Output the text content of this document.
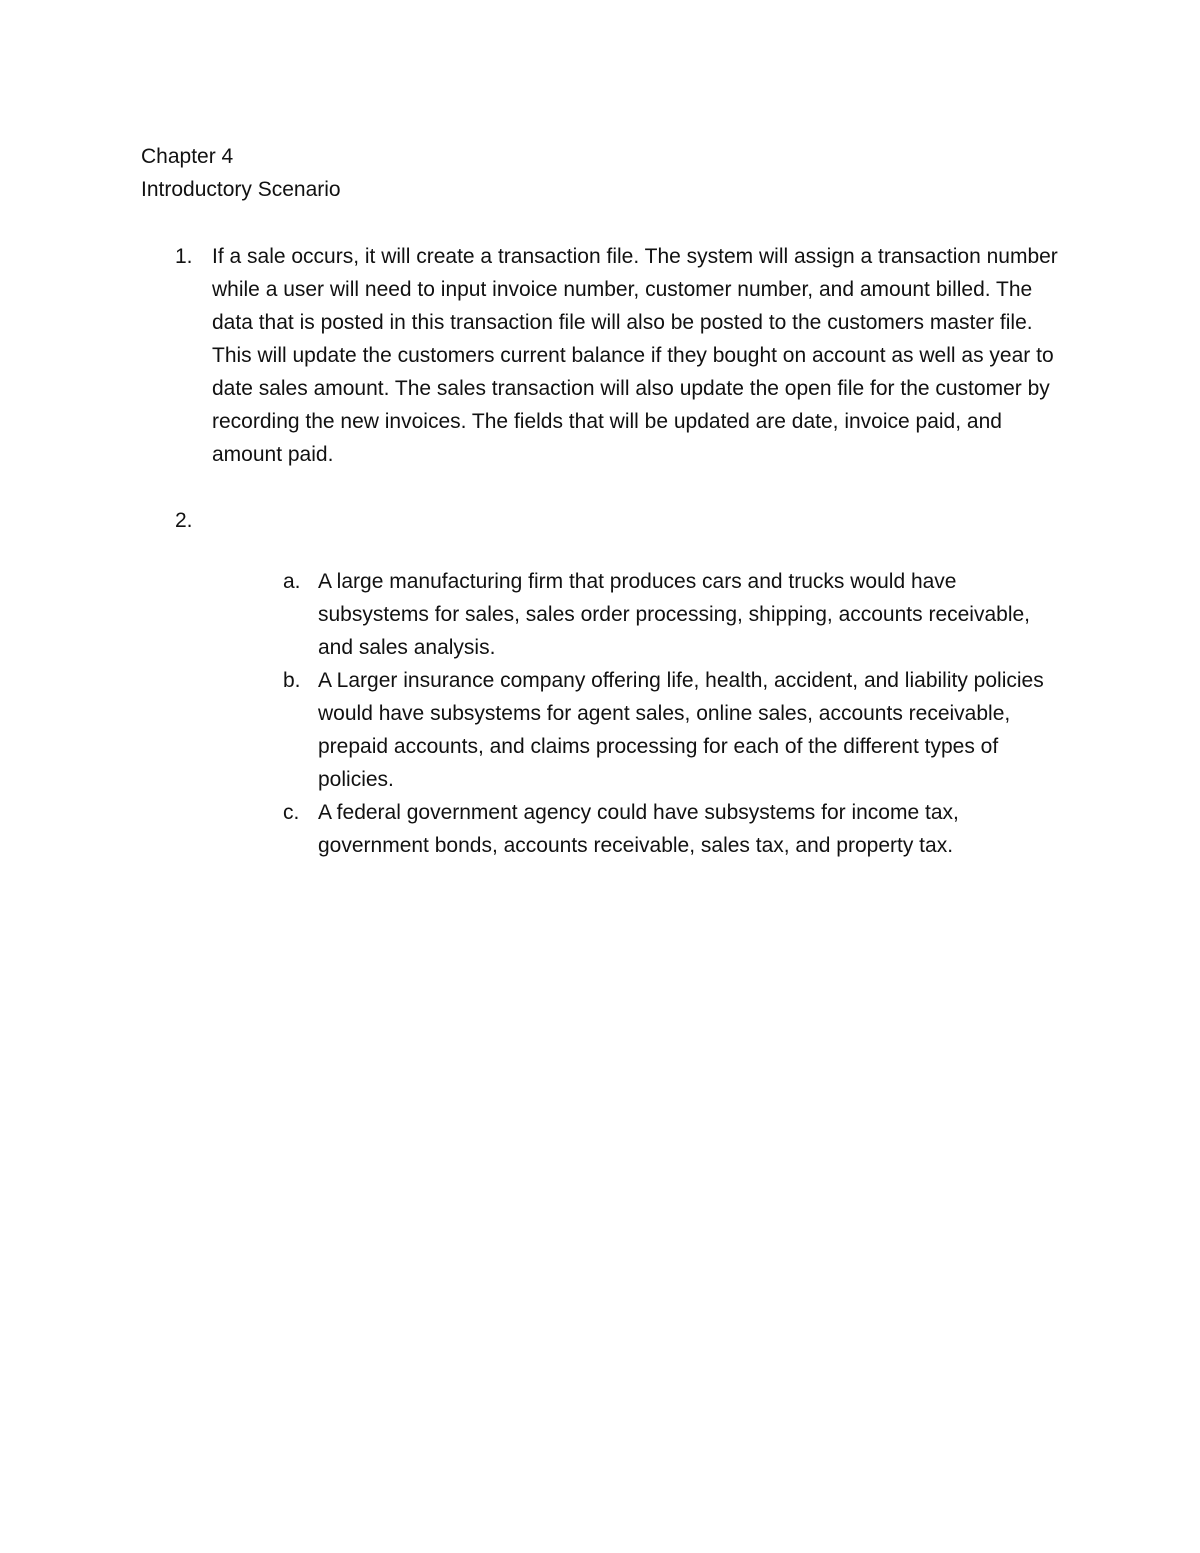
Chapter 4
Introductory Scenario
1. If a sale occurs, it will create a transaction file. The system will assign a transaction number while a user will need to input invoice number, customer number, and amount billed. The data that is posted in this transaction file will also be posted to the customers master file. This will update the customers current balance if they bought on account as well as year to date sales amount. The sales transaction will also update the open file for the customer by recording the new invoices. The fields that will be updated are date, invoice paid, and amount paid.
2.
a. A large manufacturing firm that produces cars and trucks would have subsystems for sales, sales order processing, shipping, accounts receivable, and sales analysis.
b. A Larger insurance company offering life, health, accident, and liability policies would have subsystems for agent sales, online sales, accounts receivable, prepaid accounts, and claims processing for each of the different types of policies.
c. A federal government agency could have subsystems for income tax, government bonds, accounts receivable, sales tax, and property tax.
